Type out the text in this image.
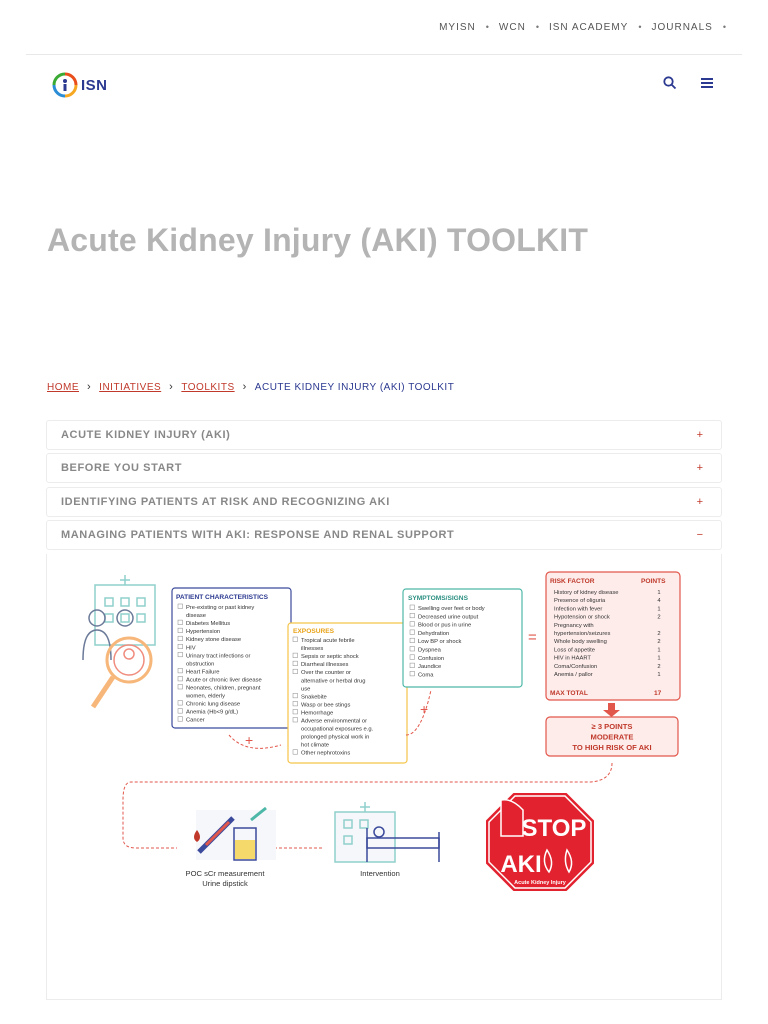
MYISN • WCN • ISN ACADEMY • JOURNALS •
ISN
Acute Kidney Injury (AKI) TOOLKIT
HOME › INITIATIVES › TOOLKITS › ACUTE KIDNEY INJURY (AKI) TOOLKIT
ACUTE KIDNEY INJURY (AKI)	+
BEFORE YOU START	+
IDENTIFYING PATIENTS AT RISK AND RECOGNIZING AKI	+
MANAGING PATIENTS WITH AKI: RESPONSE AND RENAL SUPPORT	−
PATIENT CHARACTERISTICS
Pre-existing or past kidney
disease
Diabetes Mellitus
Hypertension
Kidney stone disease
HIV
Urinary tract infections or
obstruction
Heart Failure
Acute or chronic liver disease
Neonates, children, pregnant
women, elderly
Chronic lung disease
Anemia (Hb<9 g/dL)
Cancer
EXPOSURES
Tropical acute febrile
illnesses
Sepsis or septic shock
Diarrheal illnesses
Over the counter or
alternative or herbal drug
use
Snakebite
Wasp or bee stings
Hemorrhage
Adverse environmental or
occupational exposures e.g.
prolonged physical work in
hot climate
Other nephrotoxins
SYMPTOMS/SIGNS
Swelling over feet or body
Decreased urine output
Blood or pus in urine
Dehydration
Low BP or shock
Dyspnea
Confusion
Jaundice
Coma
=
RISK FACTOR	POINTS
History of kidney disease	1
Presence of oliguria	4
Infection with fever	1
Hypotension or shock	2
Pregnancy with
hypertension/seizures	2
Whole body swelling	2
Loss of appetite	1
HIV in HAART	1
Coma/Confusion	2
Anemia / pallor	1
MAX TOTAL	17
≥ 3 POINTS
MODERATE
TO HIGH RISK OF AKI
+
+
POC sCr measurement
Urine dipstick
Intervention
STOP
AKI
Acute Kidney Injury
